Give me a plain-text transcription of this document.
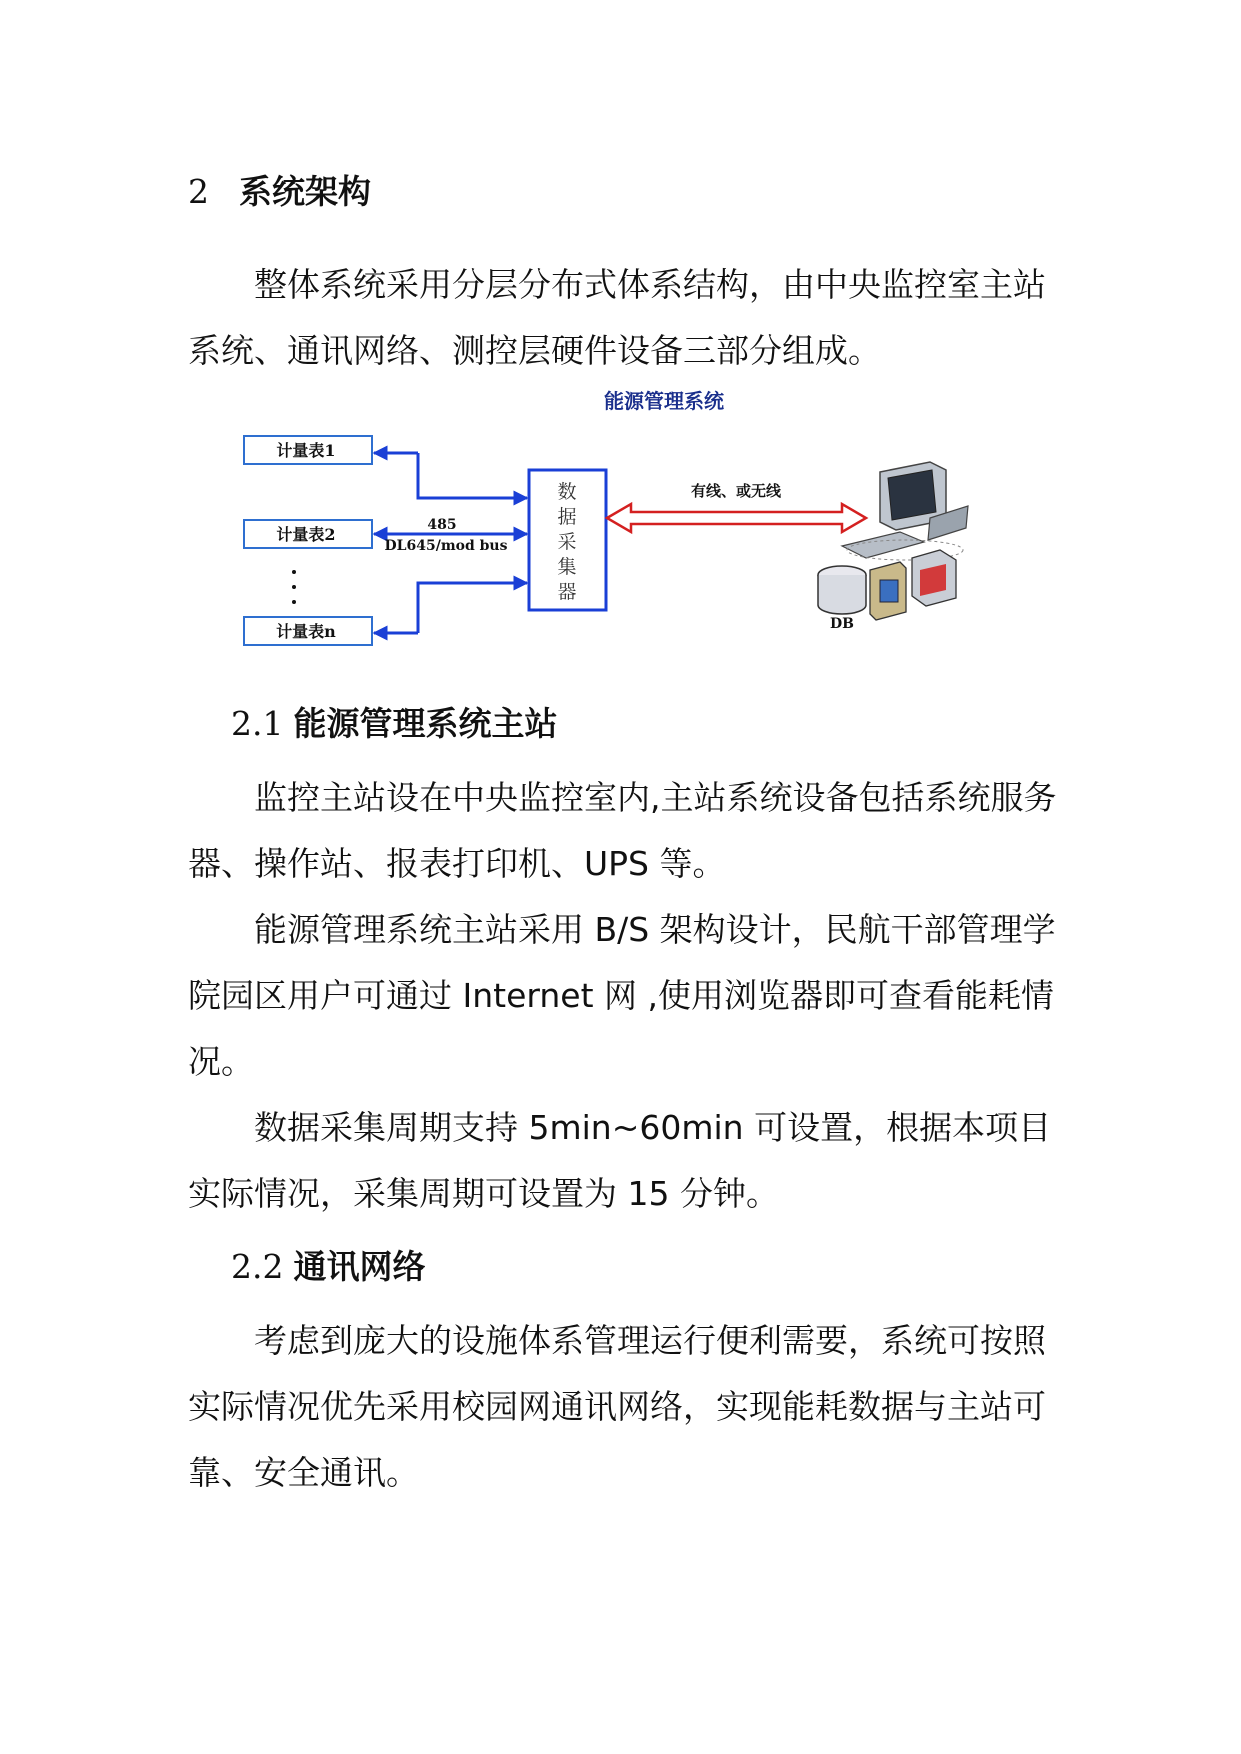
2 系统架构

整体系统采用分层分布式体系结构，由中央监控室主站系统、通讯网络、测控层硬件设备三部分组成。

能源管理系统
计量表1
计量表2
计量表n
485
DL645/mod bus
数
据
采
集
器
有线、或无线
DB
2.1 能源管理系统主站

监控主站设在中央监控室内,主站系统设备包括系统服务器、操作站、报表打印机、UPS 等。

能源管理系统主站采用 B/S 架构设计，民航干部管理学院园区用户可通过 Internet 网 ,使用浏览器即可查看能耗情况。

数据采集周期支持 5min~60min 可设置，根据本项目实际情况，采集周期可设置为 15 分钟。

2.2 通讯网络

考虑到庞大的设施体系管理运行便利需要，系统可按照实际情况优先采用校园网通讯网络，实现能耗数据与主站可靠、安全通讯。
